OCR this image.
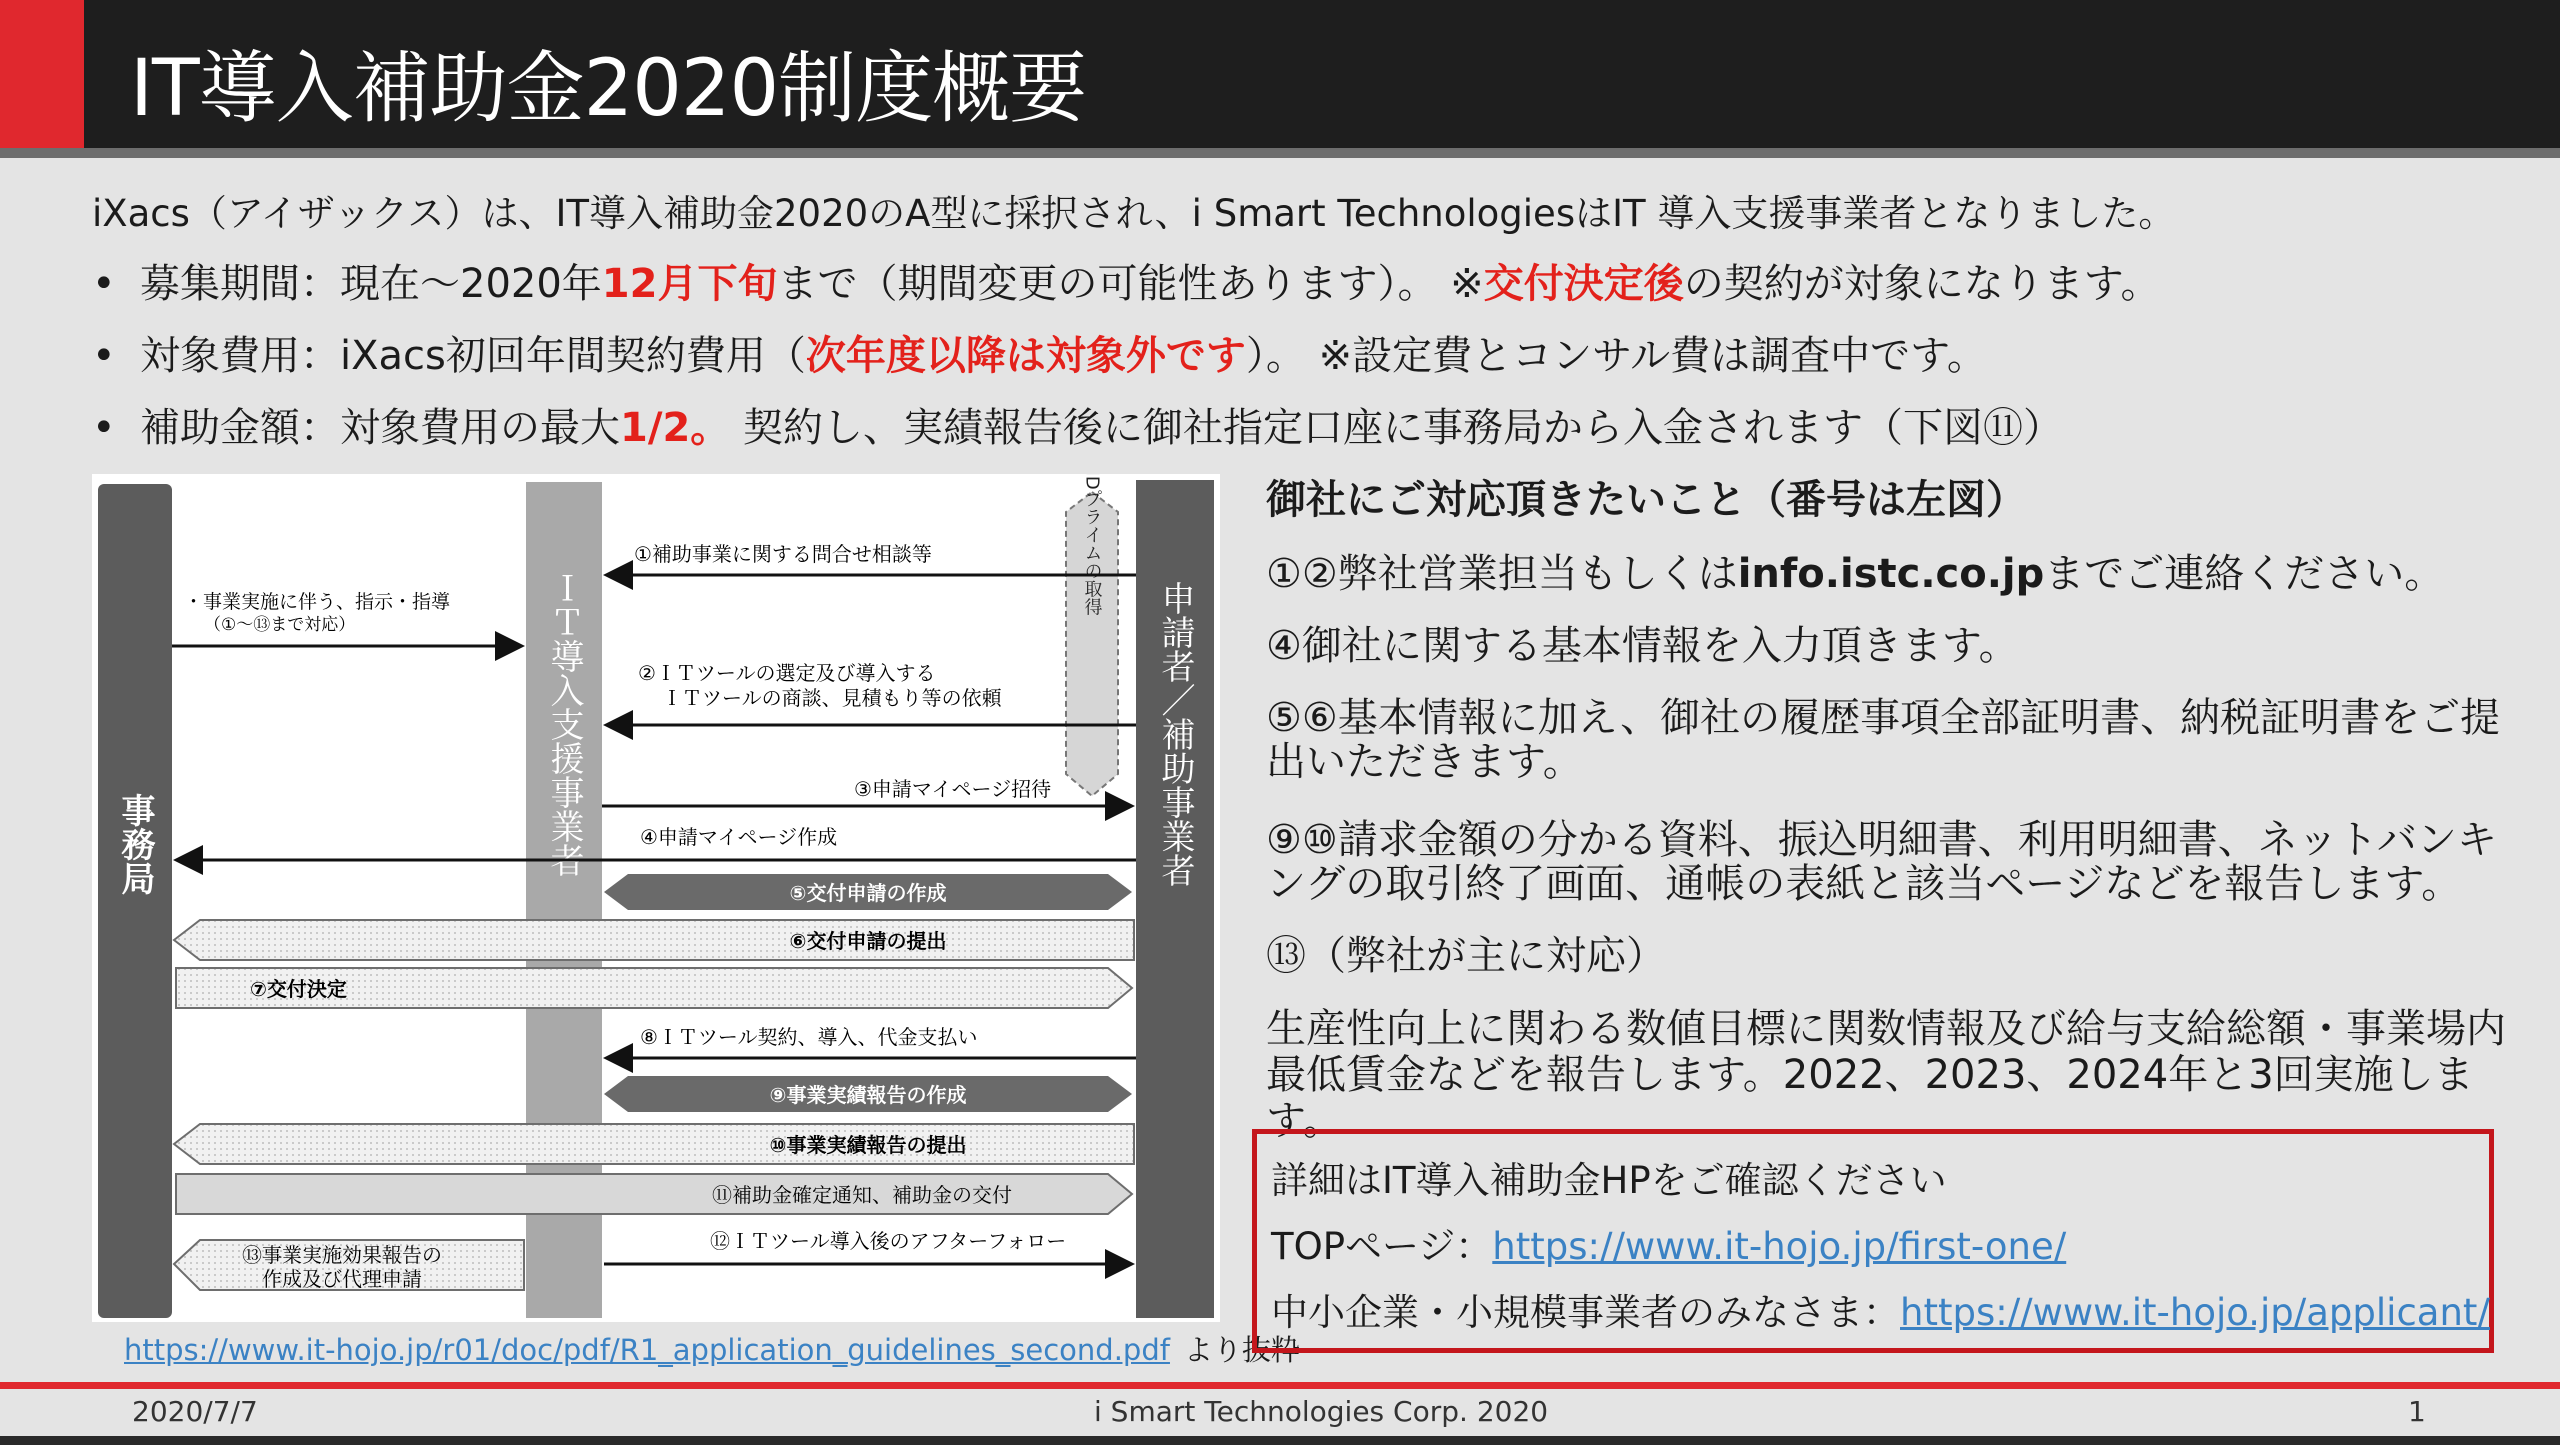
IT導入補助金2020制度概要
iXacs（アイザックス）は、IT導入補助金2020のA型に採択され、i Smart TechnologiesはIT 導入支援事業者となりました。
• 募集期間：現在～2020年12月下旬まで（期間変更の可能性あります）。 ※交付決定後の契約が対象になります。
• 対象費用：iXacs初回年間契約費用（次年度以降は対象外です）。 ※設定費とコンサル費は調査中です。
• 補助金額：対象費用の最大1/2。 契約し、実績報告後に御社指定口座に事務局から入金されます（下図⑪）
事務局	ＩＴ導入支援事業者	申請者／補助事業者
gBizIDプライムの取得
・事業実施に伴う、指示・指導
（①～⑬まで対応）
①補助事業に関する問合せ相談等
②ＩＴツールの選定及び導入する
ＩＴツールの商談、見積もり等の依頼
③申請マイページ招待
④申請マイページ作成
⑤交付申請の作成
⑥交付申請の提出
⑦交付決定
⑧ＩＴツール契約、導入、代金支払い
⑨事業実績報告の作成
⑩事業実績報告の提出
⑪補助金確定通知、補助金の交付
⑫ＩＴツール導入後のアフターフォロー
⑬事業実施効果報告の
作成及び代理申請
https://www.it-hojo.jp/r01/doc/pdf/R1_application_guidelines_second.pdf より抜粋
御社にご対応頂きたいこと（番号は左図）
①②弊社営業担当もしくはinfo.istc.co.jpまでご連絡ください。
④御社に関する基本情報を入力頂きます。
⑤⑥基本情報に加え、御社の履歴事項全部証明書、納税証明書をご提出いただきます。
⑨⑩請求金額の分かる資料、振込明細書、利用明細書、ネットバンキングの取引終了画面、通帳の表紙と該当ページなどを報告します。
⑬（弊社が主に対応）
生産性向上に関わる数値目標に関数情報及び給与支給総額・事業場内最低賃金などを報告します。2022、2023、2024年と3回実施します。
詳細はIT導入補助金HPをご確認ください
TOPページ：https://www.it-hojo.jp/first-one/
中小企業・小規模事業者のみなさま：https://www.it-hojo.jp/applicant/
2020/7/7	i Smart Technologies Corp. 2020	1
